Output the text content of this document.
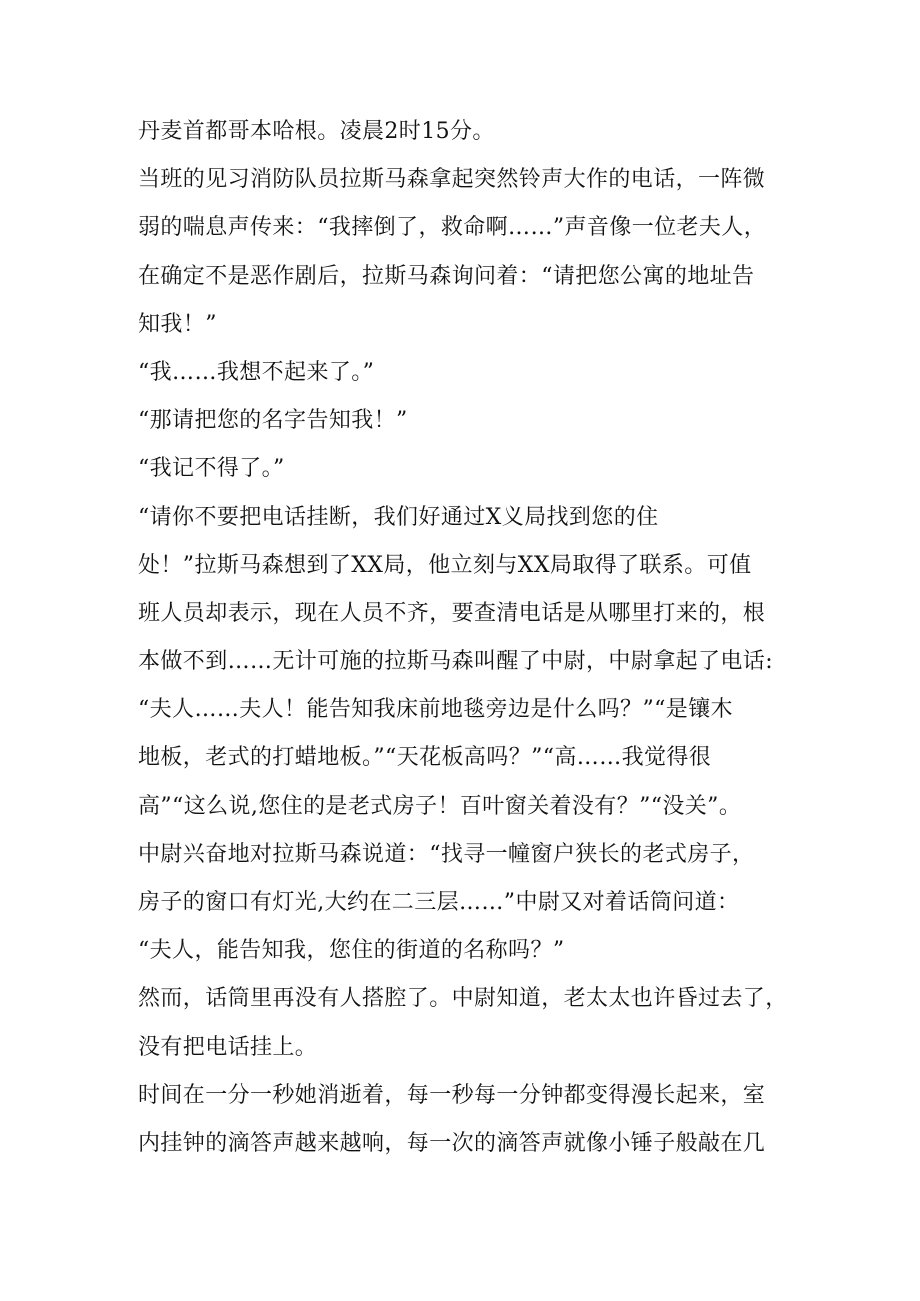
丹麦首都哥本哈根。凌晨2时15分。
当班的见习消防队员拉斯马森拿起突然铃声大作的电话，一阵微
弱的喘息声传来：“我摔倒了，救命啊……”声音像一位老夫人，
在确定不是恶作剧后，拉斯马森询问着：“请把您公寓的地址告
知我！”
“我……我想不起来了。”
“那请把您的名字告知我！”
“我记不得了。”
“请你不要把电话挂断，我们好通过X义局找到您的住
处！”拉斯马森想到了XX局，他立刻与XX局取得了联系。可值
班人员却表示，现在人员不齐，要查清电话是从哪里打来的，根
本做不到……无计可施的拉斯马森叫醒了中尉，中尉拿起了电话:
“夫人……夫人！能告知我床前地毯旁边是什么吗？”“是镶木
地板，老式的打蜡地板。”“天花板高吗？”“高……我觉得很
高”“这么说,您住的是老式房子！百叶窗关着没有？”“没关”。
中尉兴奋地对拉斯马森说道：“找寻一幢窗户狭长的老式房子，
房子的窗口有灯光,大约在二三层……”中尉又对着话筒问道：
“夫人，能告知我，您住的街道的名称吗？”
然而，话筒里再没有人搭腔了。中尉知道，老太太也许昏过去了，
没有把电话挂上。
时间在一分一秒她消逝着，每一秒每一分钟都变得漫长起来，室
内挂钟的滴答声越来越响，每一次的滴答声就像小锤子般敲在几
